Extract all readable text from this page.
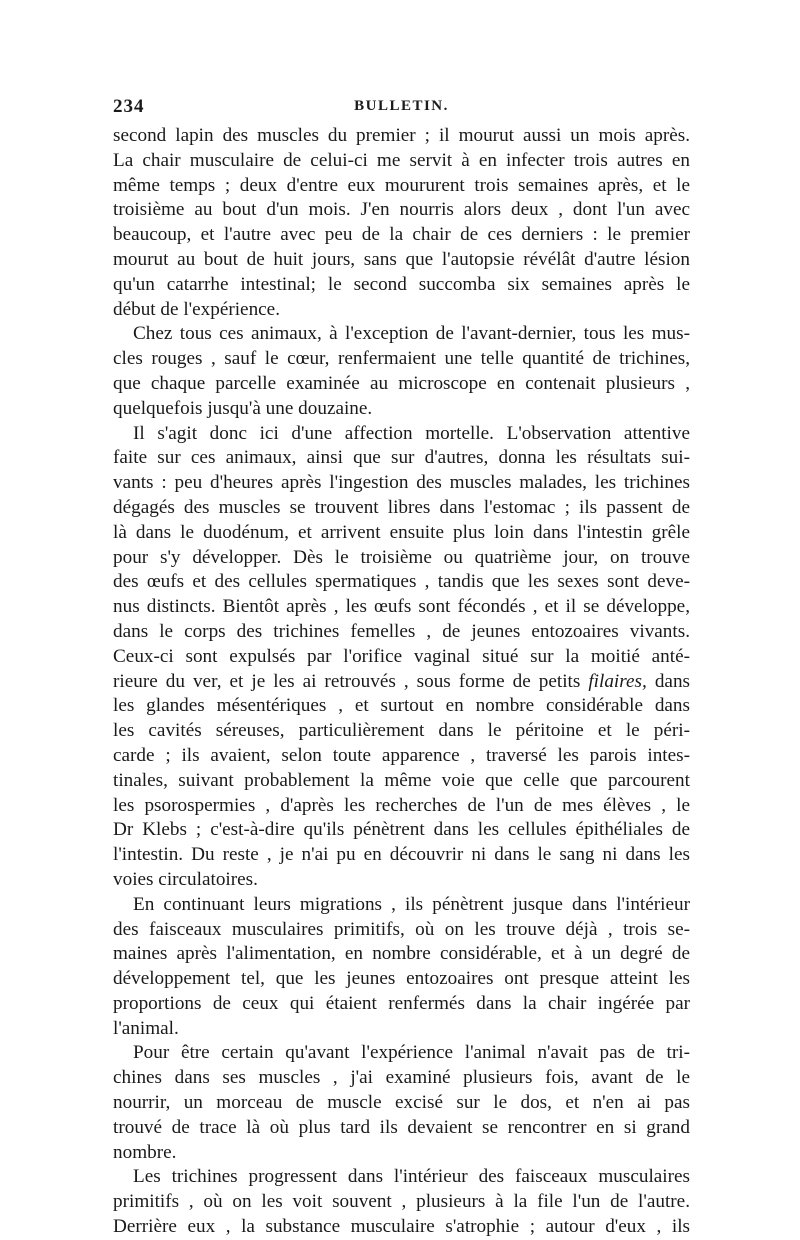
234	BULLETIN.
second lapin des muscles du premier ; il mourut aussi un mois après.
La chair musculaire de celui-ci me servit à en infecter trois autres en
même temps ; deux d'entre eux moururent trois semaines après, et le
troisième au bout d'un mois. J'en nourris alors deux , dont l'un avec
beaucoup, et l'autre avec peu de la chair de ces derniers : le premier
mourut au bout de huit jours, sans que l'autopsie révélât d'autre lésion
qu'un catarrhe intestinal; le second succomba six semaines après le
début de l'expérience.
Chez tous ces animaux, à l'exception de l'avant-dernier, tous les mus-
cles rouges , sauf le cœur, renfermaient une telle quantité de trichines,
que chaque parcelle examinée au microscope en contenait plusieurs ,
quelquefois jusqu'à une douzaine.
Il s'agit donc ici d'une affection mortelle. L'observation attentive
faite sur ces animaux, ainsi que sur d'autres, donna les résultats sui-
vants : peu d'heures après l'ingestion des muscles malades, les trichines
dégagés des muscles se trouvent libres dans l'estomac ; ils passent de
là dans le duodénum, et arrivent ensuite plus loin dans l'intestin grêle
pour s'y développer. Dès le troisième ou quatrième jour, on trouve
des œufs et des cellules spermatiques , tandis que les sexes sont deve-
nus distincts. Bientôt après , les œufs sont fécondés , et il se développe,
dans le corps des trichines femelles , de jeunes entozoaires vivants.
Ceux-ci sont expulsés par l'orifice vaginal situé sur la moitié anté-
rieure du ver, et je les ai retrouvés , sous forme de petits filaires, dans
les glandes mésentériques , et surtout en nombre considérable dans
les cavités séreuses, particulièrement dans le péritoine et le péri-
carde ; ils avaient, selon toute apparence , traversé les parois intes-
tinales, suivant probablement la même voie que celle que parcourent
les psorospermies , d'après les recherches de l'un de mes élèves , le
Dr Klebs ; c'est-à-dire qu'ils pénètrent dans les cellules épithéliales de
l'intestin. Du reste , je n'ai pu en découvrir ni dans le sang ni dans les
voies circulatoires.
En continuant leurs migrations , ils pénètrent jusque dans l'intérieur
des faisceaux musculaires primitifs, où on les trouve déjà , trois se-
maines après l'alimentation, en nombre considérable, et à un degré de
développement tel, que les jeunes entozoaires ont presque atteint les
proportions de ceux qui étaient renfermés dans la chair ingérée par
l'animal.
Pour être certain qu'avant l'expérience l'animal n'avait pas de tri-
chines dans ses muscles , j'ai examiné plusieurs fois, avant de le
nourrir, un morceau de muscle excisé sur le dos, et n'en ai pas
trouvé de trace là où plus tard ils devaient se rencontrer en si grand
nombre.
Les trichines progressent dans l'intérieur des faisceaux musculaires
primitifs , où on les voit souvent , plusieurs à la file l'un de l'autre.
Derrière eux , la substance musculaire s'atrophie ; autour d'eux , ils
